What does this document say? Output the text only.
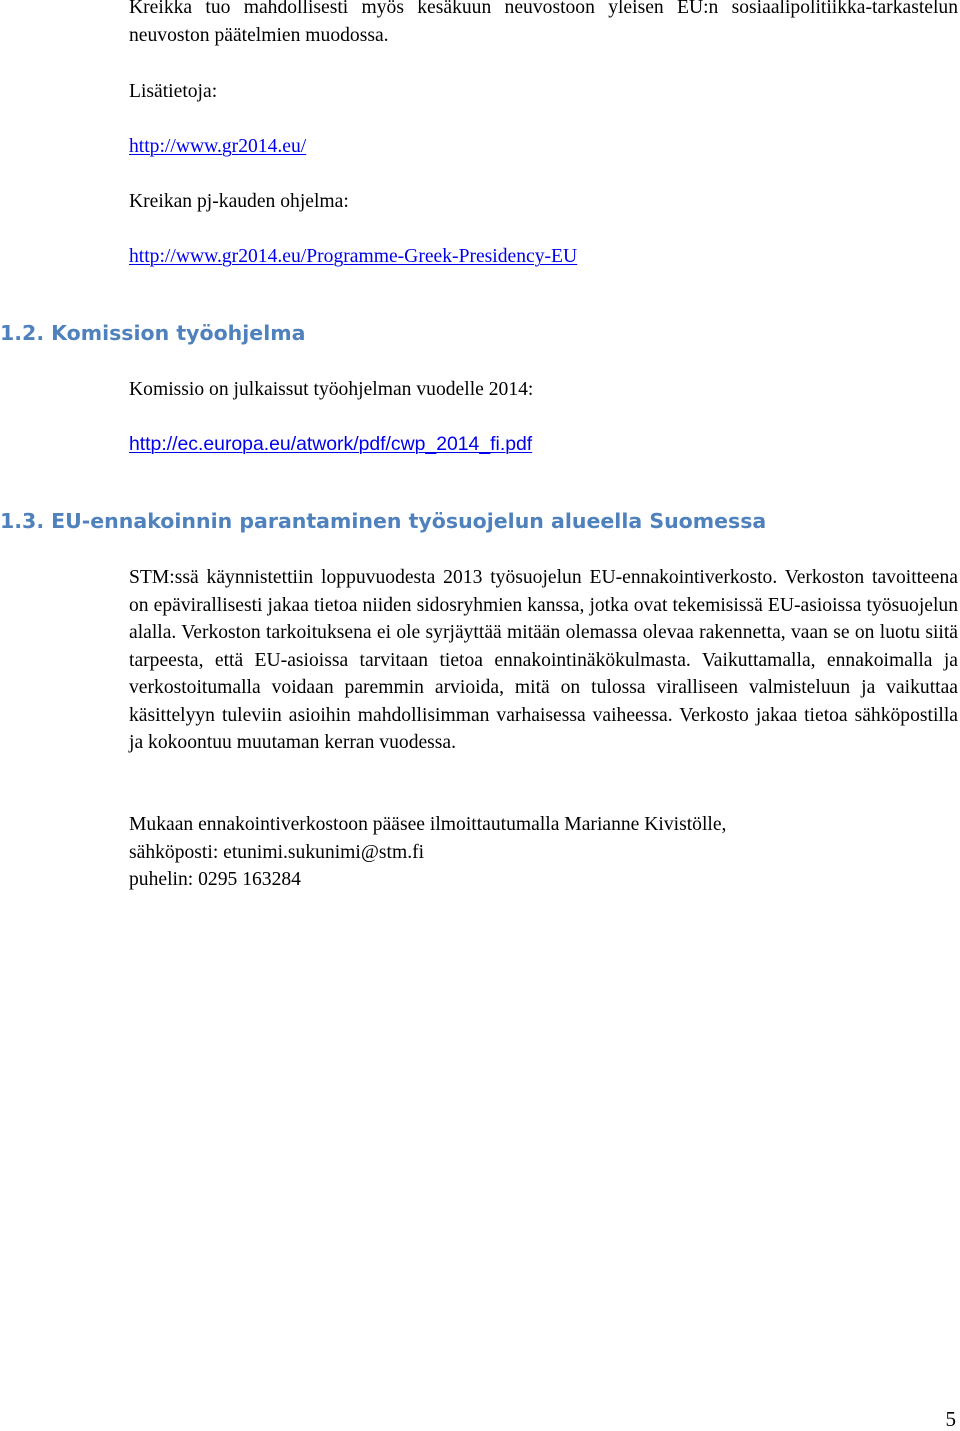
Kreikka tuo mahdollisesti myös kesäkuun neuvostoon yleisen EU:n sosiaalipolitiikka-tarkastelun neuvoston päätelmien muodossa.

Lisätietoja:

http://www.gr2014.eu/

Kreikan pj-kauden ohjelma:

http://www.gr2014.eu/Programme-Greek-Presidency-EU

1.2. Komission työohjelma

Komissio on julkaissut työohjelman vuodelle 2014:

http://ec.europa.eu/atwork/pdf/cwp_2014_fi.pdf

1.3. EU-ennakoinnin parantaminen työsuojelun alueella Suomessa

STM:ssä käynnistettiin loppuvuodesta 2013 työsuojelun EU-ennakointiverkosto. Verkoston tavoitteena on epävirallisesti jakaa tietoa niiden sidosryhmien kanssa, jotka ovat tekemisissä EU-asioissa työsuojelun alalla. Verkoston tarkoituksena ei ole syrjäyttää mitään olemassa olevaa rakennetta, vaan se on luotu siitä tarpeesta, että EU-asioissa tarvitaan tietoa ennakointinäkökulmasta. Vaikuttamalla, ennakoimalla ja verkostoitumalla voidaan paremmin arvioida, mitä on tulossa viralliseen valmisteluun ja vaikuttaa käsittelyyn tuleviin asioihin mahdollisimman varhaisessa vaiheessa. Verkosto jakaa tietoa sähköpostilla ja kokoontuu muutaman kerran vuodessa.

Mukaan ennakointiverkostoon pääsee ilmoittautumalla Marianne Kivistölle,
sähköposti: etunimi.sukunimi@stm.fi
puhelin: 0295 163284

5
